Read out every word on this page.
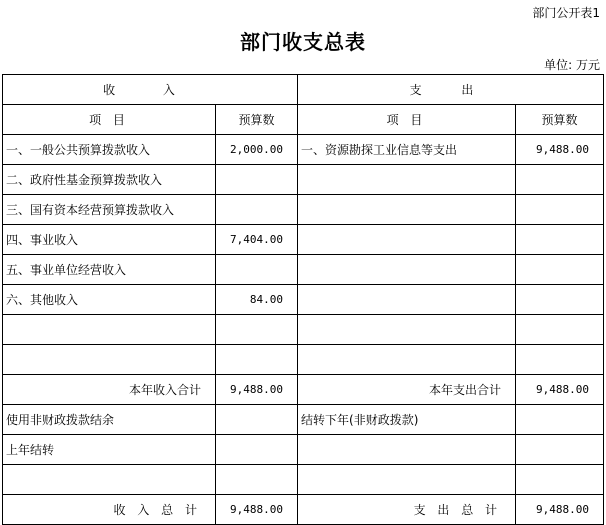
部门公开表1
部门收支总表
单位: 万元
收 入		支 出	
项 目	预算数	项 目	预算数
一、一般公共预算拨款收入	2,000.00	一、资源勘探工业信息等支出	9,488.00
二、政府性基金预算拨款收入			
三、国有资本经营预算拨款收入			
四、事业收入	7,404.00		
五、事业单位经营收入			
六、其他收入	84.00		

本年收入合计	9,488.00	本年支出合计	9,488.00
使用非财政拨款结余		结转下年(非财政拨款)	
上年结转			

收 入 总 计	9,488.00	支 出 总 计	9,488.00
